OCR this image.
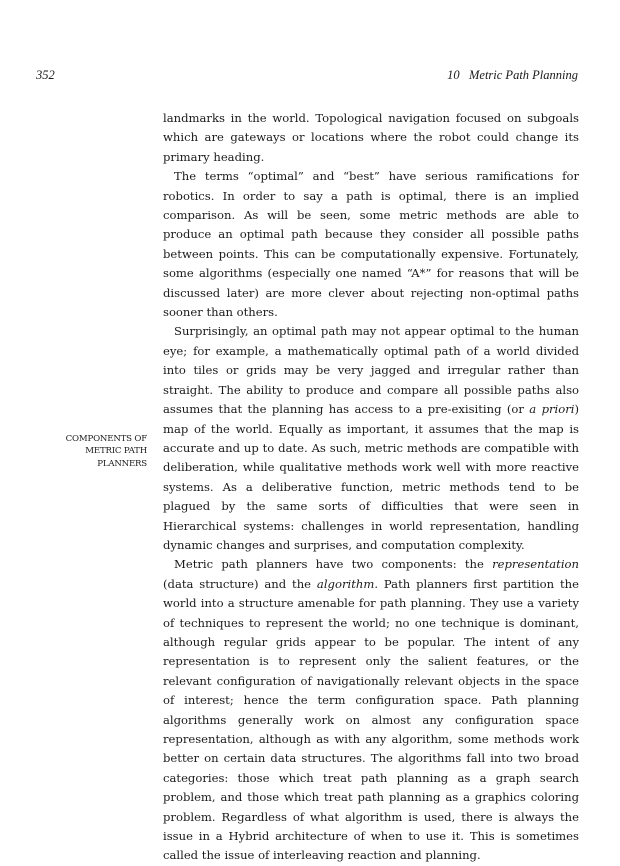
352	10   Metric Path Planning
COMPONENTS OF
METRIC PATH
PLANNERS

landmarks in the world. Topological navigation focused on subgoals which are gateways or locations where the robot could change its primary heading.

The terms “optimal” and “best” have serious ramifications for robotics. In order to say a path is optimal, there is an implied comparison. As will be seen, some metric methods are able to produce an optimal path because they consider all possible paths between points. This can be computationally expensive. Fortunately, some algorithms (especially one named “A*” for reasons that will be discussed later) are more clever about rejecting non-optimal paths sooner than others.

Surprisingly, an optimal path may not appear optimal to the human eye; for example, a mathematically optimal path of a world divided into tiles or grids may be very jagged and irregular rather than straight. The ability to produce and compare all possible paths also assumes that the planning has access to a pre-exisiting (or a priori) map of the world. Equally as important, it assumes that the map is accurate and up to date. As such, metric methods are compatible with deliberation, while qualitative methods work well with more reactive systems. As a deliberative function, metric methods tend to be plagued by the same sorts of difficulties that were seen in Hierarchical systems: challenges in world representation, handling dynamic changes and surprises, and computation complexity.

Metric path planners have two components: the representation (data structure) and the algorithm. Path planners first partition the world into a structure amenable for path planning. They use a variety of techniques to represent the world; no one technique is dominant, although regular grids appear to be popular. The intent of any representation is to represent only the salient features, or the relevant configuration of navigationally relevant objects in the space of interest; hence the term configuration space. Path planning algorithms generally work on almost any configuration space representation, although as with any algorithm, some methods work better on certain data structures. The algorithms fall into two broad categories: those which treat path planning as a graph search problem, and those which treat path planning as a graphics coloring problem. Regardless of what algorithm is used, there is always the issue in a Hybrid architecture of when to use it. This is sometimes called the issue of interleaving reaction and planning.
